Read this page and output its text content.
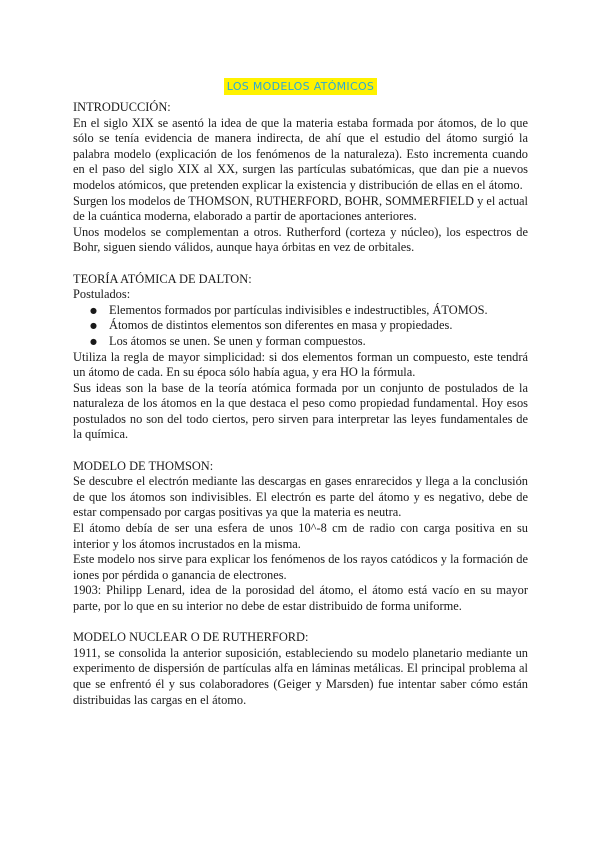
LOS MODELOS ATÓMICOS

INTRODUCCIÓN:

En el siglo XIX se asentó la idea de que la materia estaba formada por átomos, de lo que sólo se tenía evidencia de manera indirecta, de ahí que el estudio del átomo surgió la palabra modelo (explicación de los fenómenos de la naturaleza). Esto incrementa cuando en el paso del siglo XIX al XX, surgen las partículas subatómicas, que dan pie a nuevos modelos atómicos, que pretenden explicar la existencia y distribución de ellas en el átomo.

Surgen los modelos de THOMSON, RUTHERFORD, BOHR, SOMMERFIELD y el actual de la cuántica moderna, elaborado a partir de aportaciones anteriores.

Unos modelos se complementan a otros. Rutherford (corteza y núcleo), los espectros de Bohr, siguen siendo válidos, aunque haya órbitas en vez de orbitales.

TEORÍA ATÓMICA DE DALTON:

Postulados:

● Elementos formados por partículas indivisibles e indestructibles, ÁTOMOS.
● Átomos de distintos elementos son diferentes en masa y propiedades.
● Los átomos se unen. Se unen y forman compuestos.

Utiliza la regla de mayor simplicidad: si dos elementos forman un compuesto, este tendrá un átomo de cada. En su época sólo había agua, y era HO la fórmula.

Sus ideas son la base de la teoría atómica formada por un conjunto de postulados de la naturaleza de los átomos en la que destaca el peso como propiedad fundamental. Hoy esos postulados no son del todo ciertos, pero sirven para interpretar las leyes fundamentales de la química.

MODELO DE THOMSON:

Se descubre el electrón mediante las descargas en gases enrarecidos y llega a la conclusión de que los átomos son indivisibles. El electrón es parte del átomo y es negativo, debe de estar compensado por cargas positivas ya que la materia es neutra.

El átomo debía de ser una esfera de unos 10^-8 cm de radio con carga positiva en su interior y los átomos incrustados en la misma.

Este modelo nos sirve para explicar los fenómenos de los rayos catódicos y la formación de iones por pérdida o ganancia de electrones.

1903: Philipp Lenard, idea de la porosidad del átomo, el átomo está vacío en su mayor parte, por lo que en su interior no debe de estar distribuido de forma uniforme.

MODELO NUCLEAR O DE RUTHERFORD:

1911, se consolida la anterior suposición, estableciendo su modelo planetario mediante un experimento de dispersión de partículas alfa en láminas metálicas. El principal problema al que se enfrentó él y sus colaboradores (Geiger y Marsden) fue intentar saber cómo están distribuidas las cargas en el átomo.
